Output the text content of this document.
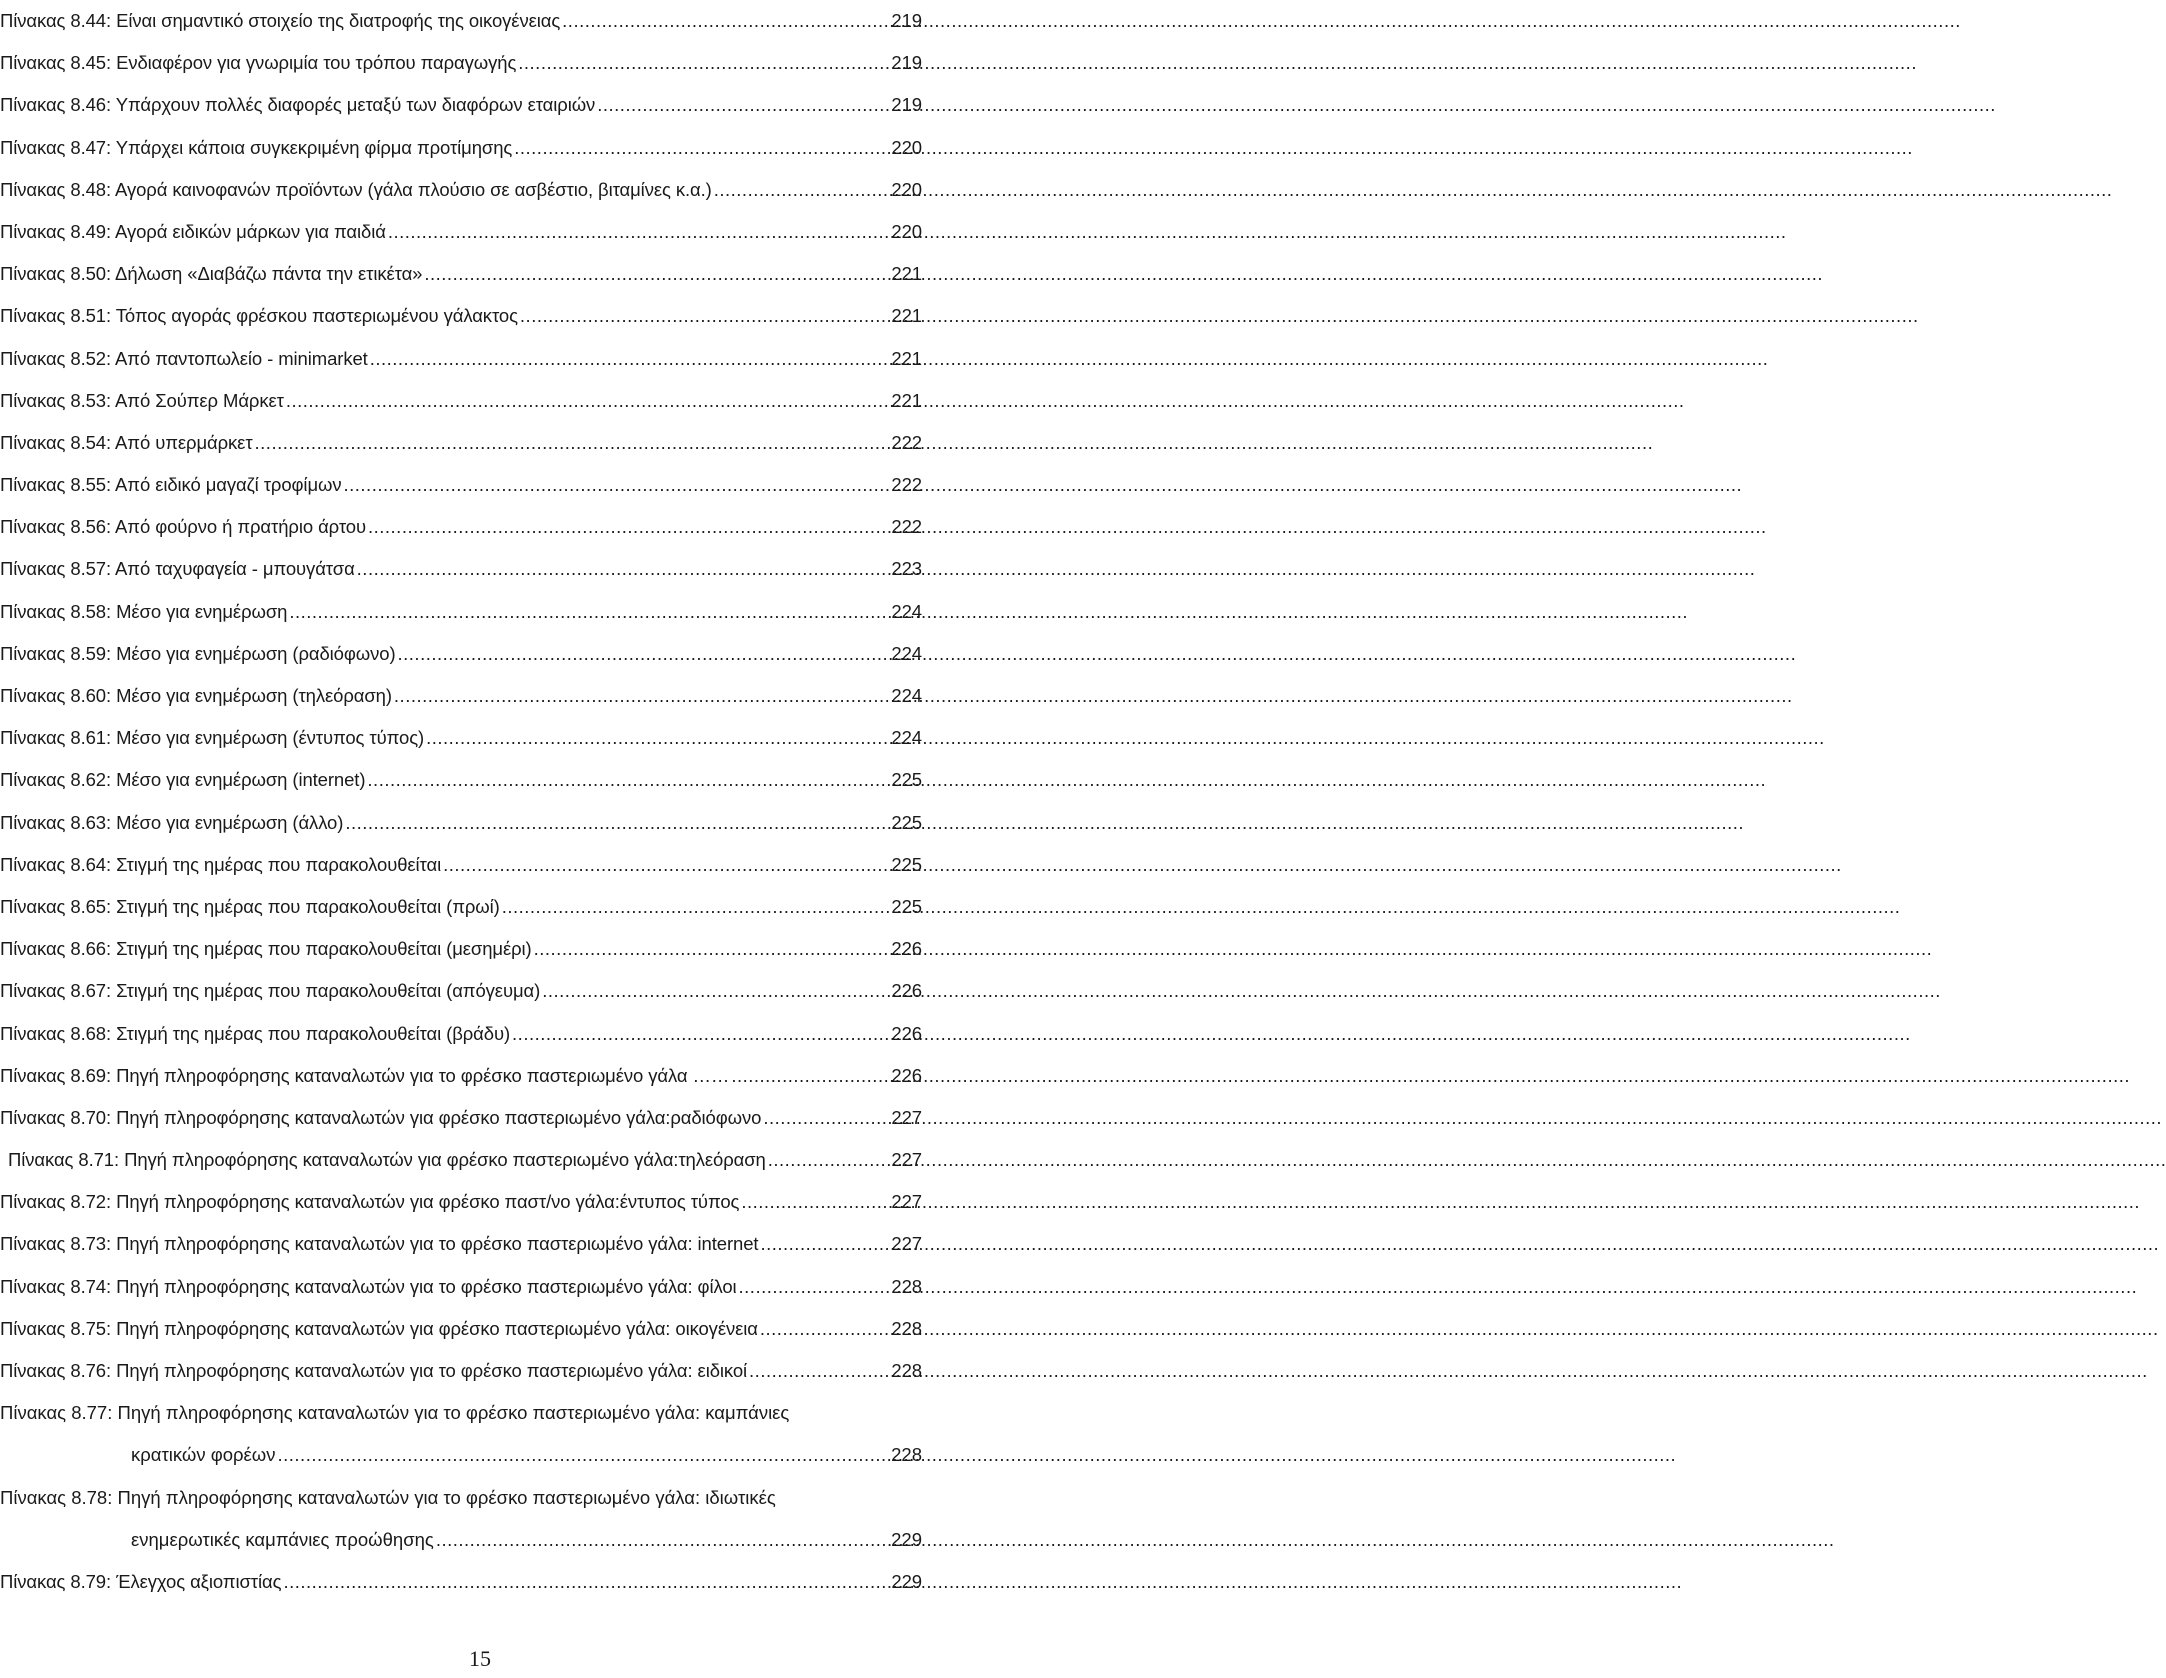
Πίνακας 8.44: Είναι σημαντικό στοιχείο της διατροφής της οικογένειας .....	219
Πίνακας 8.45: Ενδιαφέρον για γνωριμία του τρόπου παραγωγής .....	219
Πίνακας 8.46: Υπάρχουν πολλές διαφορές μεταξύ των διαφόρων εταιριών .....	219
Πίνακας 8.47: Υπάρχει κάποια συγκεκριμένη φίρμα προτίμησης .....	220
Πίνακας 8.48: Αγορά καινοφανών προϊόντων (γάλα πλούσιο σε ασβέστιο, βιταμίνες κ.α.) .....	220
Πίνακας 8.49: Αγορά ειδικών μάρκων για παιδιά .....	220
Πίνακας 8.50: Δήλωση «Διαβάζω πάντα την ετικέτα» .....	221
Πίνακας 8.51: Τόπος αγοράς φρέσκου παστεριωμένου γάλακτος .....	221
Πίνακας 8.52: Από παντοπωλείο - minimarket .....	221
Πίνακας 8.53: Από Σούπερ Μάρκετ .....	221
Πίνακας 8.54: Από υπερμάρκετ .....	222
Πίνακας 8.55: Από ειδικό μαγαζί τροφίμων .....	222
Πίνακας 8.56: Από φούρνο ή πρατήριο άρτου .....	222
Πίνακας 8.57: Από ταχυφαγεία - μπουγάτσα .....	223
Πίνακας 8.58: Μέσο για ενημέρωση .....	224
Πίνακας 8.59: Μέσο για ενημέρωση (ραδιόφωνο) .....	224
Πίνακας 8.60: Μέσο για ενημέρωση (τηλεόραση) .....	224
Πίνακας 8.61: Μέσο για ενημέρωση (έντυπος τύπος) .....	224
Πίνακας 8.62: Μέσο για ενημέρωση (internet) .....	225
Πίνακας 8.63: Μέσο για ενημέρωση (άλλο) .....	225
Πίνακας 8.64: Στιγμή της ημέρας που παρακολουθείται .....	225
Πίνακας 8.65: Στιγμή της ημέρας που παρακολουθείται (πρωί) .....	225
Πίνακας 8.66: Στιγμή της ημέρας που παρακολουθείται (μεσημέρι) .....	226
Πίνακας 8.67: Στιγμή της ημέρας που παρακολουθείται (απόγευμα) .....	226
Πίνακας 8.68: Στιγμή της ημέρας που παρακολουθείται (βράδυ) .....	226
Πίνακας 8.69: Πηγή πληροφόρησης καταναλωτών για το φρέσκο παστεριωμένο γάλα …… .....	226
Πίνακας 8.70: Πηγή πληροφόρησης καταναλωτών για φρέσκο παστεριωμένο γάλα:ραδιόφωνο .....	227
Πίνακας 8.71: Πηγή πληροφόρησης καταναλωτών για φρέσκο παστεριωμένο γάλα:τηλεόραση .....	227
Πίνακας 8.72: Πηγή πληροφόρησης καταναλωτών για φρέσκο παστ/νο γάλα:έντυπος τύπος .....	227
Πίνακας 8.73: Πηγή πληροφόρησης καταναλωτών για το φρέσκο παστεριωμένο γάλα: internet .....	227
Πίνακας 8.74: Πηγή πληροφόρησης καταναλωτών για το φρέσκο παστεριωμένο γάλα: φίλοι .....	228
Πίνακας 8.75: Πηγή πληροφόρησης καταναλωτών για φρέσκο παστεριωμένο γάλα: οικογένεια .....	228
Πίνακας 8.76: Πηγή πληροφόρησης καταναλωτών για το φρέσκο παστεριωμένο γάλα: ειδικοί .....	228
Πίνακας 8.77: Πηγή πληροφόρησης καταναλωτών για το φρέσκο παστεριωμένο γάλα: καμπάνιες
κρατικών φορέων .....	228
Πίνακας 8.78: Πηγή πληροφόρησης καταναλωτών για το φρέσκο παστεριωμένο γάλα: ιδιωτικές
ενημερωτικές καμπάνιες προώθησης .....	229
Πίνακας 8.79: Έλεγχος αξιοπιστίας .....	229
15
